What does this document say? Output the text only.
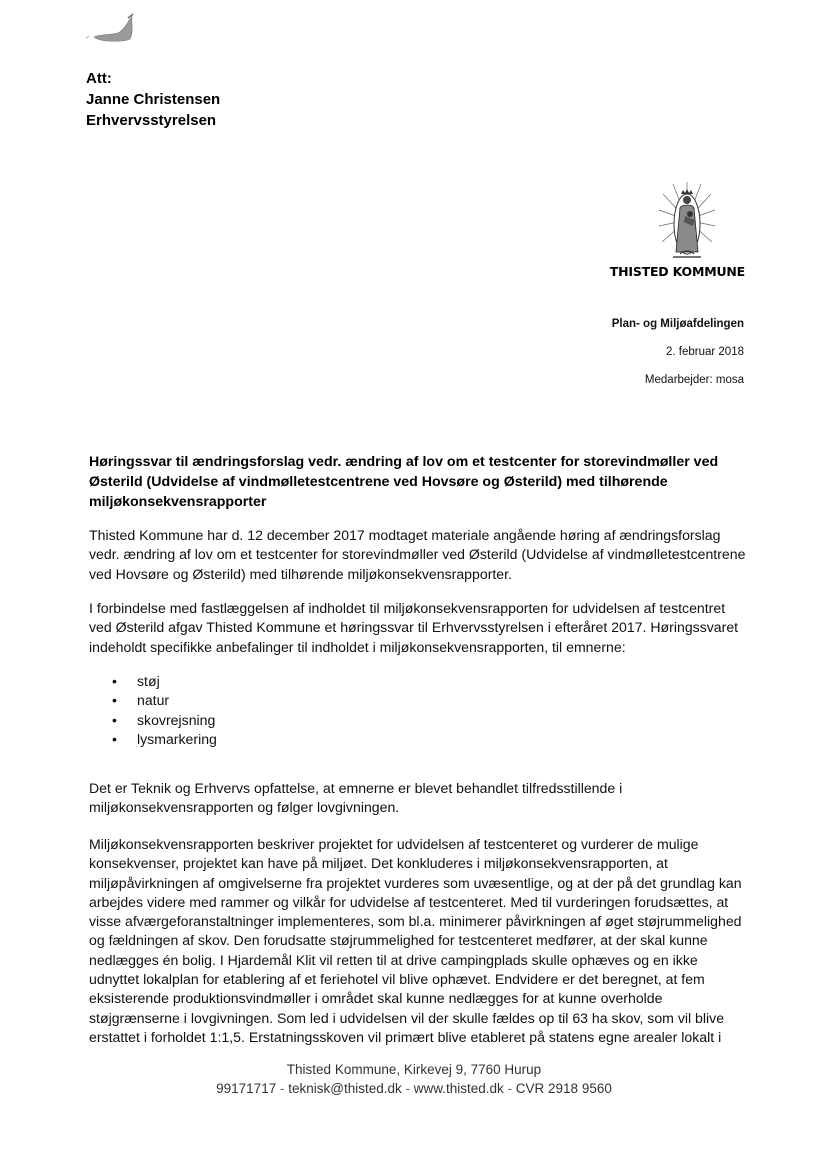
Att:
Janne Christensen
Erhvervsstyrelsen
THISTED KOMMUNE
Plan- og Miljøafdelingen
2. februar 2018
Medarbejder: mosa
Høringssvar til ændringsforslag vedr. ændring af lov om et testcenter for storevindmøller ved Østerild (Udvidelse af vindmølletestcentrene ved Hovsøre og Østerild) med tilhørende miljøkonsekvensrapporter

Thisted Kommune har d. 12 december 2017 modtaget materiale angående høring af ændringsforslag vedr. ændring af lov om et testcenter for storevindmøller ved Østerild (Udvidelse af vindmølletestcentrene ved Hovsøre og Østerild) med tilhørende miljøkonsekvensrapporter.

I forbindelse med fastlæggelsen af indholdet til miljøkonsekvensrapporten for udvidelsen af testcentret ved Østerild afgav Thisted Kommune et høringssvar til Erhvervsstyrelsen i efteråret 2017. Høringssvaret indeholdt specifikke anbefalinger til indholdet i miljøkonsekvensrapporten, til emnerne:

• støj
• natur
• skovrejsning
• lysmarkering

Det er Teknik og Erhvervs opfattelse, at emnerne er blevet behandlet tilfredsstillende i miljøkonsekvensrapporten og følger lovgivningen.

Miljøkonsekvensrapporten beskriver projektet for udvidelsen af testcenteret og vurderer de mulige konsekvenser, projektet kan have på miljøet. Det konkluderes i miljøkonsekvensrapporten, at miljøpåvirkningen af omgivelserne fra projektet vurderes som uvæsentlige, og at der på det grundlag kan arbejdes videre med rammer og vilkår for udvidelse af testcenteret. Med til vurderingen forudsættes, at visse afværgeforanstaltninger implementeres, som bl.a. minimerer påvirkningen af øget støjrummelighed og fældningen af skov. Den forudsatte støjrummelighed for testcenteret medfører, at der skal kunne nedlægges én bolig. I Hjardemål Klit vil retten til at drive campingplads skulle ophæves og en ikke udnyttet lokalplan for etablering af et feriehotel vil blive ophævet. Endvidere er det beregnet, at fem eksisterende produktionsvindmøller i området skal kunne nedlægges for at kunne overholde støjgrænserne i lovgivningen. Som led i udvidelsen vil der skulle fældes op til 63 ha skov, som vil blive erstattet i forholdet 1:1,5. Erstatningsskoven vil primært blive etableret på statens egne arealer lokalt i

Thisted Kommune, Kirkevej 9, 7760 Hurup
99171717 - teknisk@thisted.dk - www.thisted.dk - CVR 2918 9560
